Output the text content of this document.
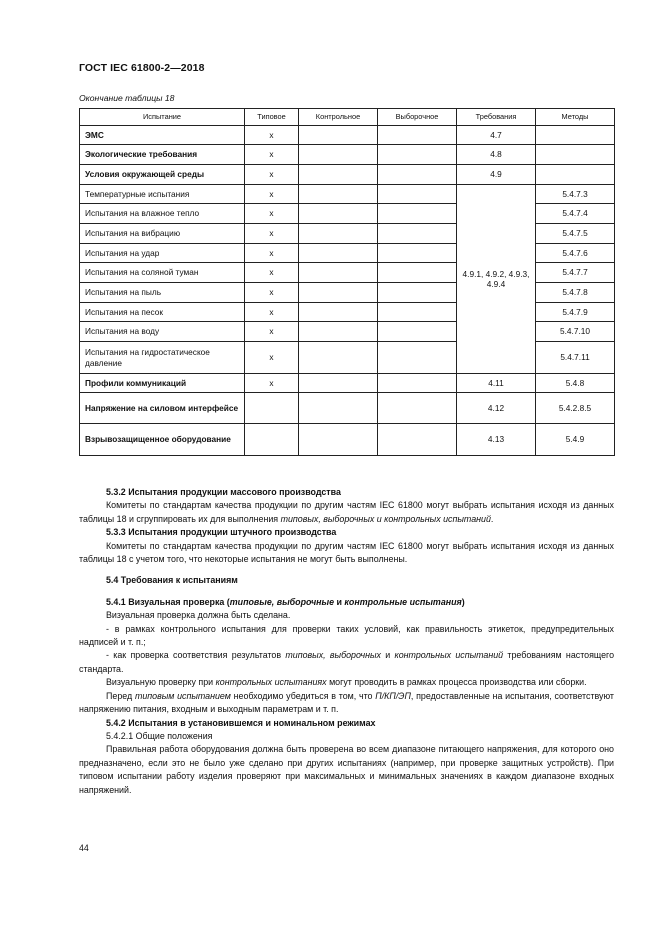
ГОСТ IEC 61800-2—2018
Окончание таблицы 18
Испытание	Типовое	Контрольное	Выборочное	Требования	Методы
ЭМС	x			4.7	
Экологические требования	x			4.8	
Условия окружающей среды	x			4.9	
Температурные испытания	x			4.9.1, 4.9.2, 4.9.3, 4.9.4	5.4.7.3
Испытания на влажное тепло	x				5.4.7.4
Испытания на вибрацию	x				5.4.7.5
Испытания на удар	x				5.4.7.6
Испытания на соляной туман	x				5.4.7.7
Испытания на пыль	x				5.4.7.8
Испытания на песок	x				5.4.7.9
Испытания на воду	x				5.4.7.10
Испытания на гидростатическое давление	x				5.4.7.11
Профили коммуникаций	x			4.11	5.4.8
Напряжение на силовом интерфейсе				4.12	5.4.2.8.5
Взрывозащищенное оборудование				4.13	5.4.9

5.3.2 Испытания продукции массового производства

Комитеты по стандартам качества продукции по другим частям IEC 61800 могут выбрать испытания исходя из данных таблицы 18 и сгруппировать их для выполнения типовых, выборочных и контрольных испытаний.

5.3.3 Испытания продукции штучного производства

Комитеты по стандартам качества продукции по другим частям IEC 61800 могут выбрать испытания исходя из данных таблицы 18 с учетом того, что некоторые испытания не могут быть выполнены.

5.4 Требования к испытаниям

5.4.1 Визуальная проверка (типовые, выборочные и контрольные испытания)

Визуальная проверка должна быть сделана.

- в рамках контрольного испытания для проверки таких условий, как правильность этикеток, предупредительных надписей и т. п.;

- как проверка соответствия результатов типовых, выборочных и контрольных испытаний требованиям настоящего стандарта.

Визуальную проверку при контрольных испытаниях могут проводить в рамках процесса производства или сборки.

Перед типовым испытанием необходимо убедиться в том, что П/КП/ЭП, предоставленные на испытания, соответствуют напряжению питания, входным и выходным параметрам и т. п.

5.4.2 Испытания в установившемся и номинальном режимах

5.4.2.1 Общие положения

Правильная работа оборудования должна быть проверена во всем диапазоне питающего напряжения, для которого оно предназначено, если это не было уже сделано при других испытаниях (например, при проверке защитных устройств). При типовом испытании работу изделия проверяют при максимальных и минимальных значениях в каждом диапазоне входных напряжений.

44
